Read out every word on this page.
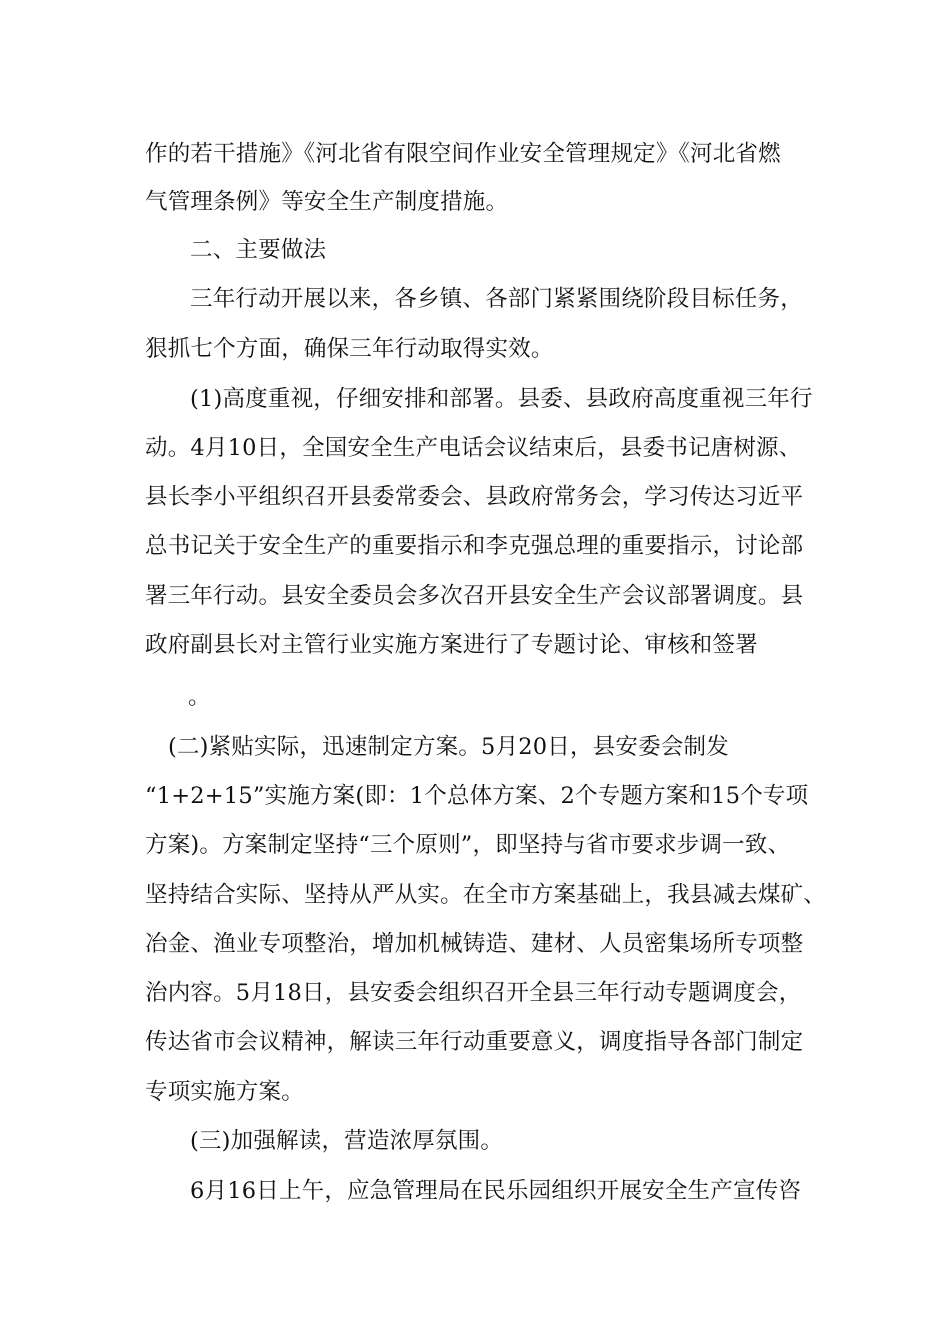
作的若干措施》《河北省有限空间作业安全管理规定》《河北省燃
气管理条例》等安全生产制度措施。
二、主要做法
三年行动开展以来，各乡镇、各部门紧紧围绕阶段目标任务，
狠抓七个方面，确保三年行动取得实效。
(1)高度重视，仔细安排和部署。县委、县政府高度重视三年行
动。4月10日，全国安全生产电话会议结束后，县委书记唐树源、
县长李小平组织召开县委常委会、县政府常务会，学习传达习近平
总书记关于安全生产的重要指示和李克强总理的重要指示，讨论部
署三年行动。县安全委员会多次召开县安全生产会议部署调度。县
政府副县长对主管行业实施方案进行了专题讨论、审核和签署
。
(二)紧贴实际，迅速制定方案。5月20日，县安委会制发
“1+2+15”实施方案(即：1个总体方案、2个专题方案和15个专项
方案)。方案制定坚持“三个原则”，即坚持与省市要求步调一致、
坚持结合实际、坚持从严从实。在全市方案基础上，我县减去煤矿、
冶金、渔业专项整治，增加机械铸造、建材、人员密集场所专项整
治内容。5月18日，县安委会组织召开全县三年行动专题调度会，
传达省市会议精神，解读三年行动重要意义，调度指导各部门制定
专项实施方案。
(三)加强解读，营造浓厚氛围。
6月16日上午，应急管理局在民乐园组织开展安全生产宣传咨
